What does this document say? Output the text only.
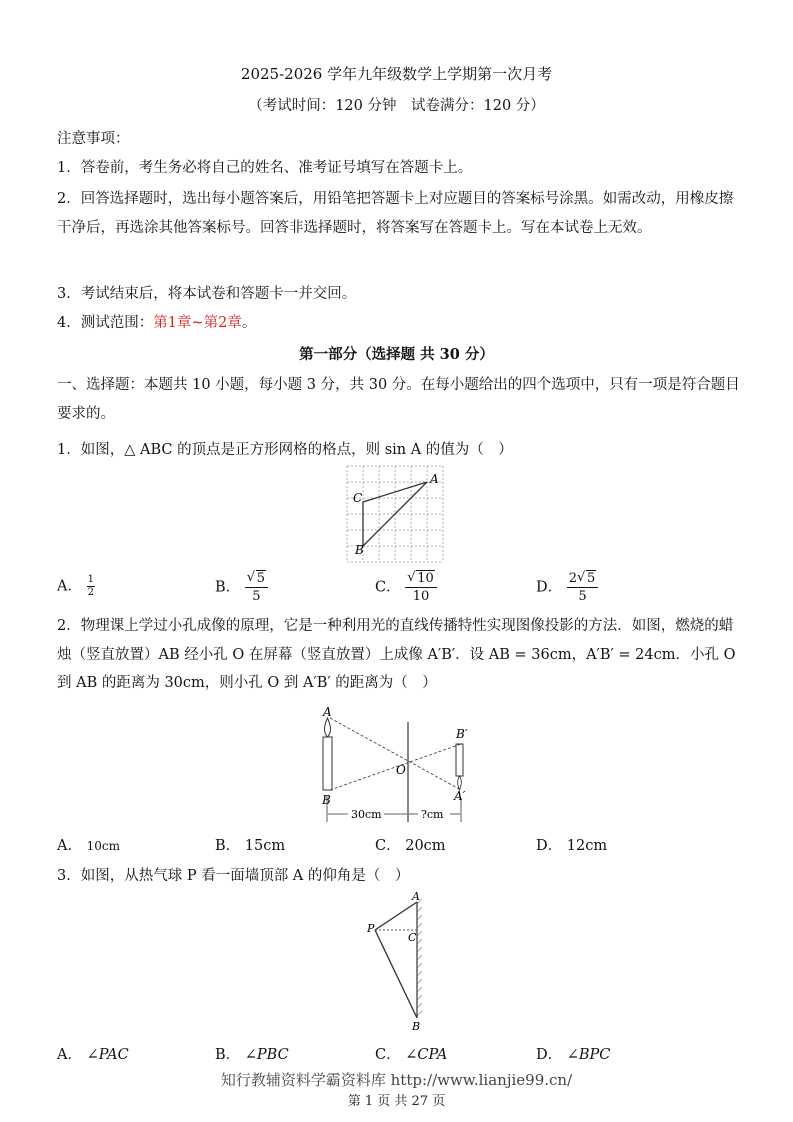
2025-2026 学年九年级数学上学期第一次月考
（考试时间：120 分钟　试卷满分：120 分）
注意事项：
1．答卷前，考生务必将自己的姓名、准考证号填写在答题卡上。
2．回答选择题时，选出每小题答案后，用铅笔把答题卡上对应题目的答案标号涂黑。如需改动，用橡皮擦干净后，再选涂其他答案标号。回答非选择题时，将答案写在答题卡上。写在本试卷上无效。
3．考试结束后，将本试卷和答题卡一并交回。
4．测试范围：第1章~第2章。
第一部分（选择题 共 30 分）
一、选择题：本题共 10 小题，每小题 3 分，共 30 分。在每小题给出的四个选项中，只有一项是符合题目要求的。
1．如图，△ ABC 的顶点是正方形网格的格点，则 sin A 的值为（　）
A
C
B
A． $\frac{1}{2}$	B． $\frac{√ 5}{5}$	C． $\frac{√ 10}{10}$	D． $\frac{2 √ 5}{5}$
2．物理课上学过小孔成像的原理，它是一种利用光的直线传播特性实现图像投影的方法．如图，燃烧的蜡烛（竖直放置）AB 经小孔 O 在屏幕（竖直放置）上成像 A′B′．设 AB = 36cm，A′B′ = 24cm．小孔 O 到 AB 的距离为 30cm，则小孔 O 到 A′B′ 的距离为（　）
A
B
O
B′
A′
30cm	?cm
A． 10cm	B． 15cm	C． 20cm	D． 12cm
3．如图，从热气球 P 看一面墙顶部 A 的仰角是（　）
A
P
C
B
A． ∠PAC	B． ∠PBC	C． ∠CPA	D． ∠BPC
知行教辅资料学霸资料库 http://www.lianjie99.cn/
第 1 页 共 27 页
